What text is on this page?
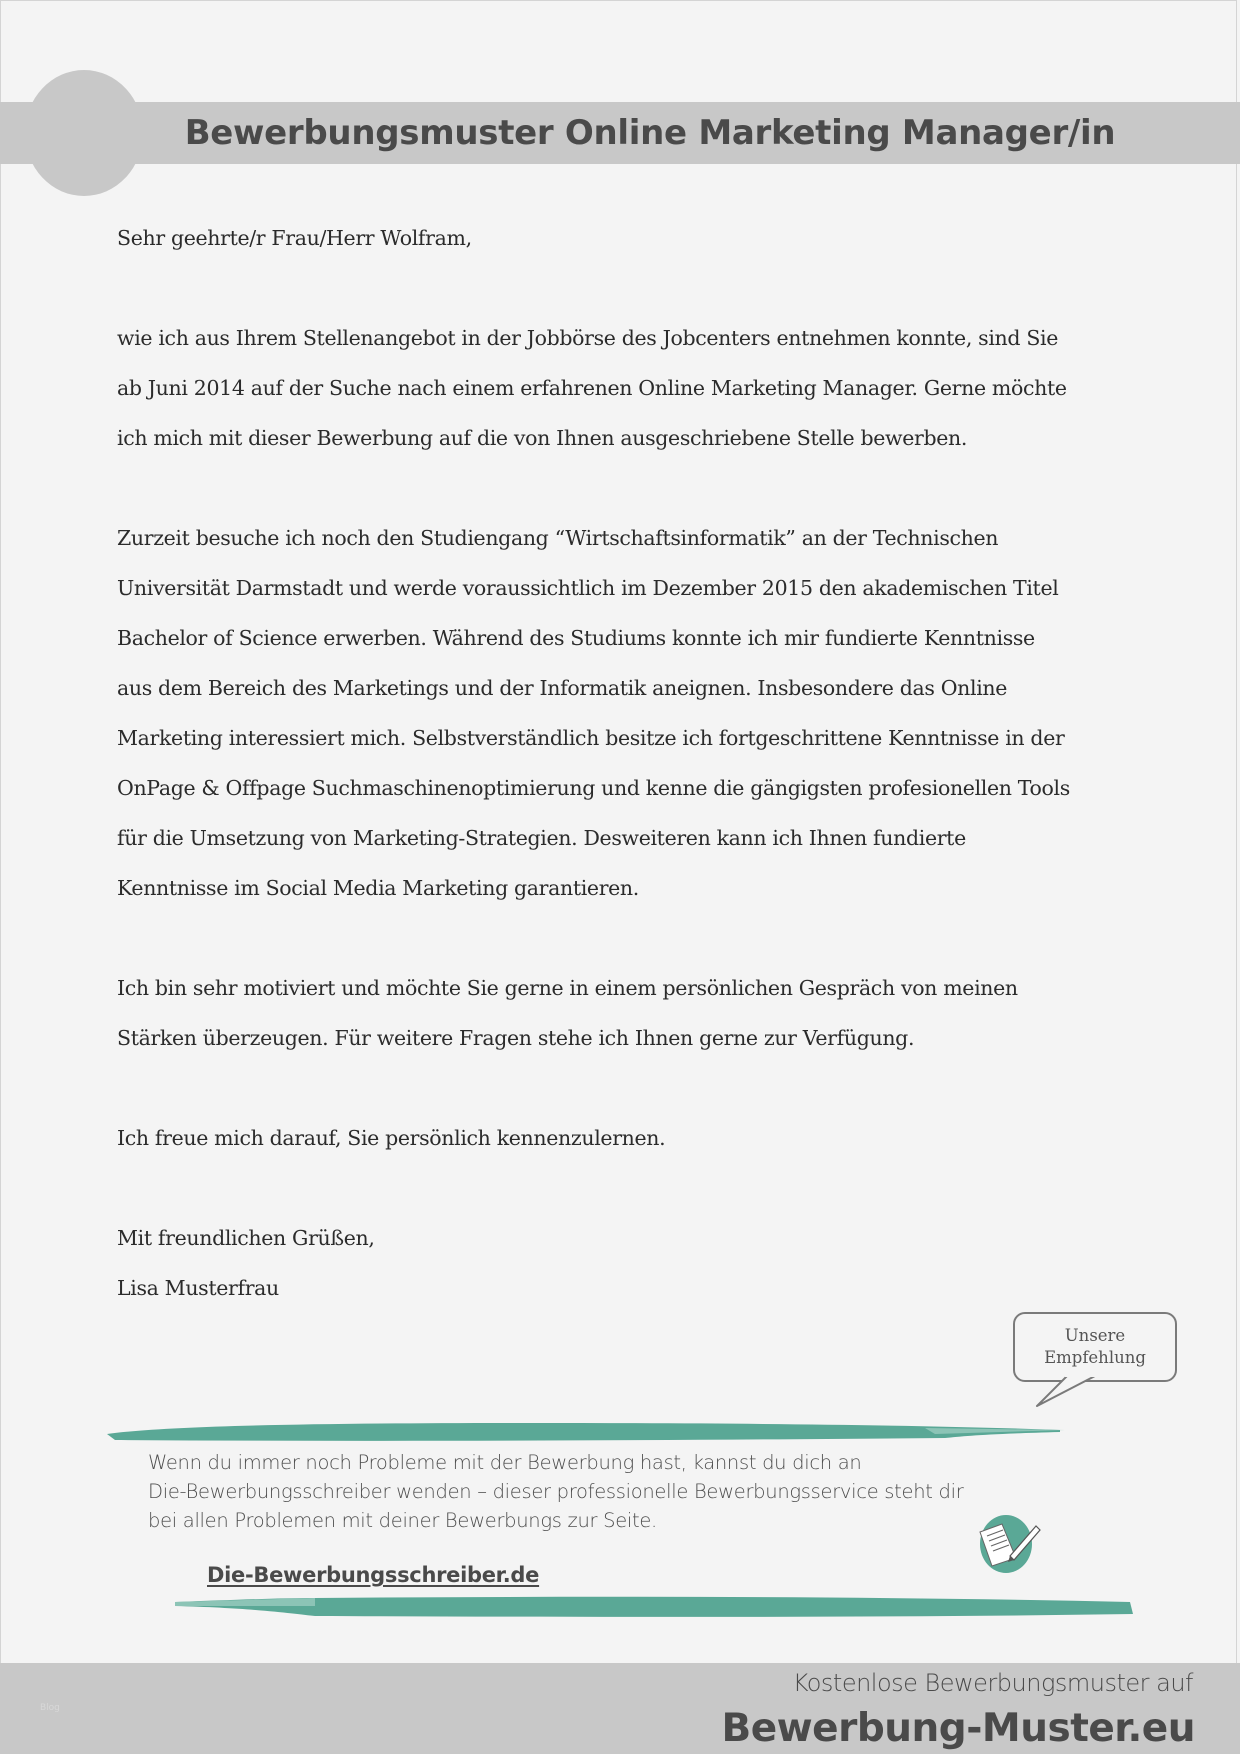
Bewerbungsmuster Online Marketing Manager/in
Sehr geehrte/r Frau/Herr Wolfram,
wie ich aus Ihrem Stellenangebot in der Jobbörse des Jobcenters entnehmen konnte, sind Sie
ab Juni 2014 auf der Suche nach einem erfahrenen Online Marketing Manager. Gerne möchte
ich mich mit dieser Bewerbung auf die von Ihnen ausgeschriebene Stelle bewerben.
Zurzeit besuche ich noch den Studiengang “Wirtschaftsinformatik” an der Technischen
Universität Darmstadt und werde voraussichtlich im Dezember 2015 den akademischen Titel
Bachelor of Science erwerben. Während des Studiums konnte ich mir fundierte Kenntnisse
aus dem Bereich des Marketings und der Informatik aneignen. Insbesondere das Online
Marketing interessiert mich. Selbstverständlich besitze ich fortgeschrittene Kenntnisse in der
OnPage & Offpage Suchmaschinenoptimierung und kenne die gängigsten profesionellen Tools
für die Umsetzung von Marketing-Strategien. Desweiteren kann ich Ihnen fundierte
Kenntnisse im Social Media Marketing garantieren.
Ich bin sehr motiviert und möchte Sie gerne in einem persönlichen Gespräch von meinen
Stärken überzeugen. Für weitere Fragen stehe ich Ihnen gerne zur Verfügung.
Ich freue mich darauf, Sie persönlich kennenzulernen.
Mit freundlichen Grüßen,
Lisa Musterfrau
Unsere
Empfehlung
Wenn du immer noch Probleme mit der Bewerbung hast, kannst du dich an
Die-Bewerbungsschreiber wenden – dieser professionelle Bewerbungsservice steht dir
bei allen Problemen mit deiner Bewerbungs zur Seite.
Die-Bewerbungsschreiber.de
Blog
Kostenlose Bewerbungsmuster auf
Bewerbung-Muster.eu
